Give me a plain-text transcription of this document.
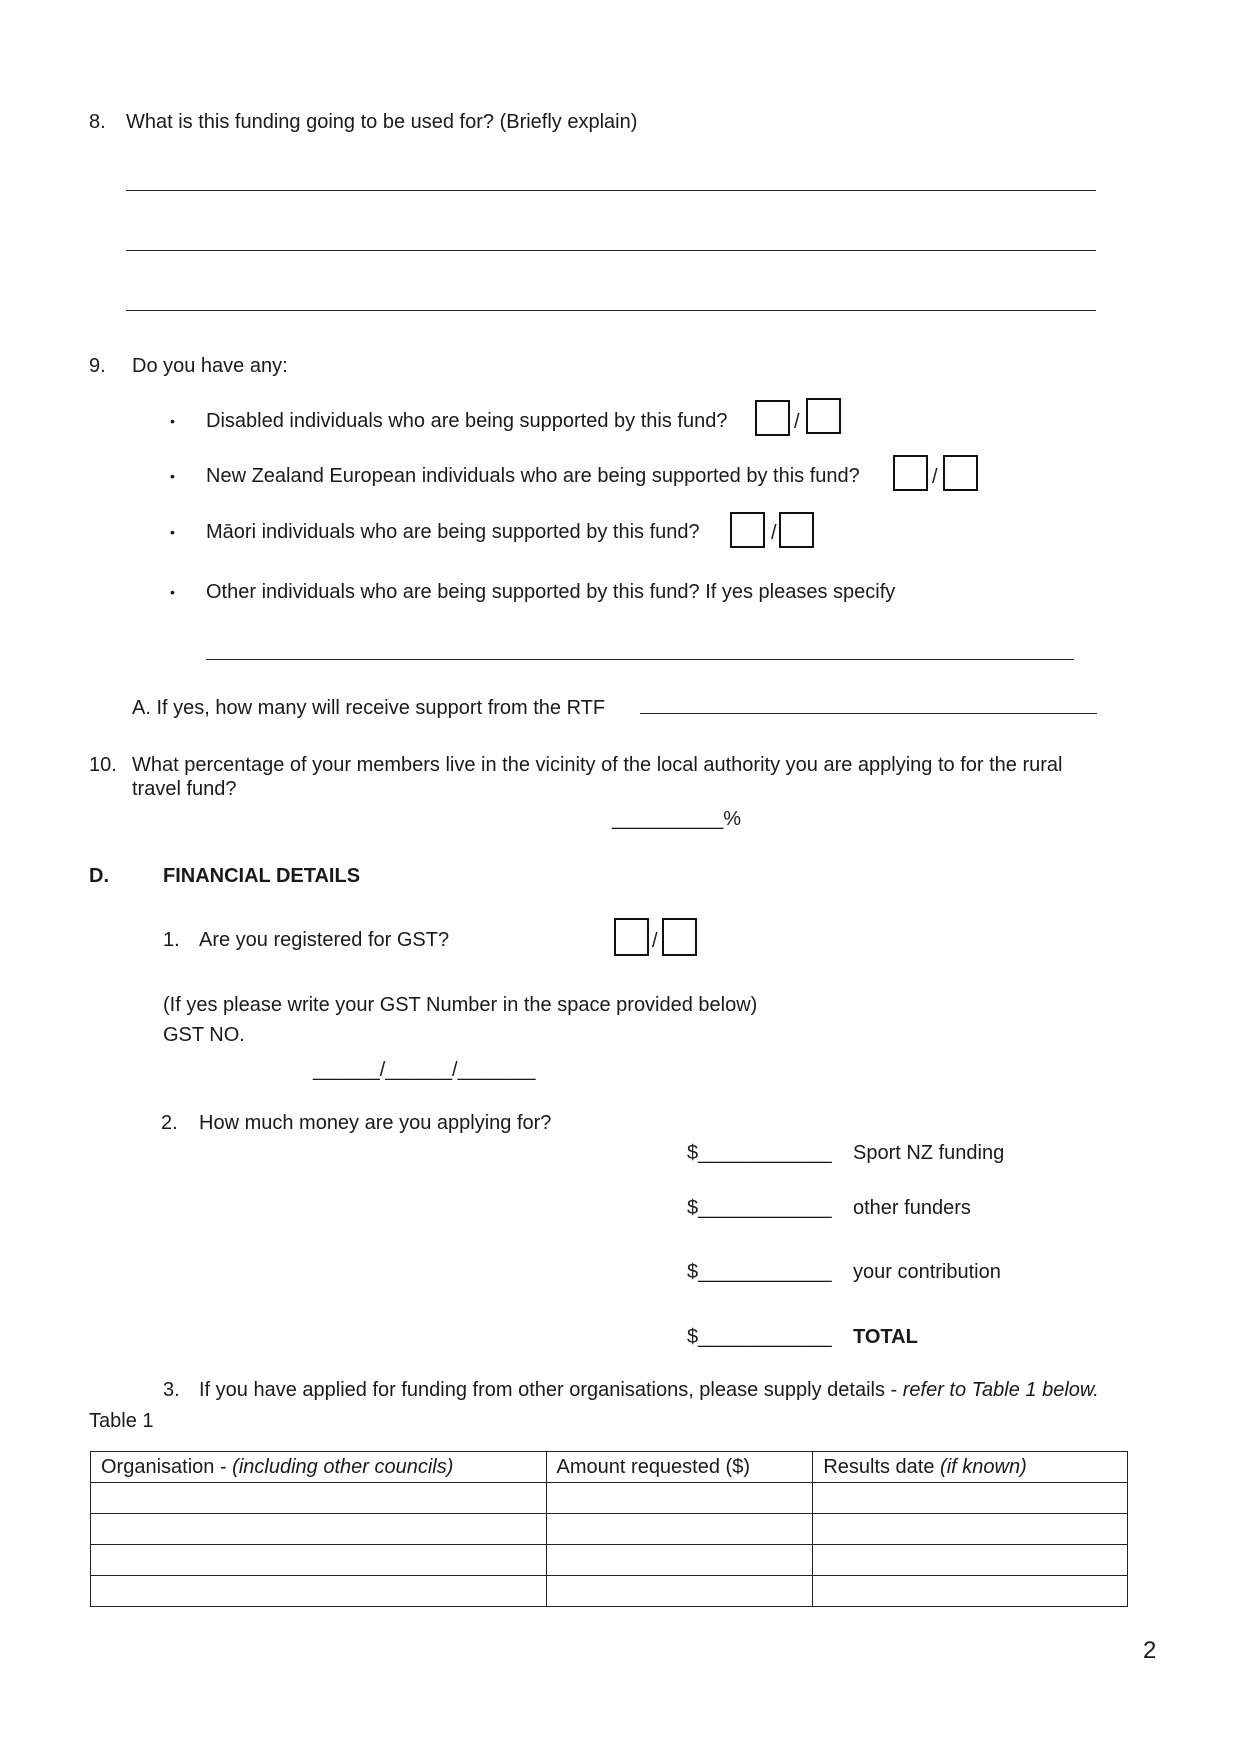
8. What is this funding going to be used for? (Briefly explain)
9. Do you have any:
• Disabled individuals who are being supported by this fund?	/
• New Zealand European individuals who are being supported by this fund?	/
• Māori individuals who are being supported by this fund?	/
• Other individuals who are being supported by this fund? If yes pleases specify
A. If yes, how many will receive support from the RTF
10. What percentage of your members live in the vicinity of the local authority you are applying to for the rural
travel fund?
__________%
D.	FINANCIAL DETAILS
1. Are you registered for GST?	/
(If yes please write your GST Number in the space provided below)
GST NO.
______/______/_______
2. How much money are you applying for?
$____________ Sport NZ funding
$____________ other funders
$____________ your contribution
$____________ TOTAL
3. If you have applied for funding from other organisations, please supply details - refer to Table 1 below.
Table 1
Organisation - (including other councils)	Amount requested ($)	Results date (if known)

2
